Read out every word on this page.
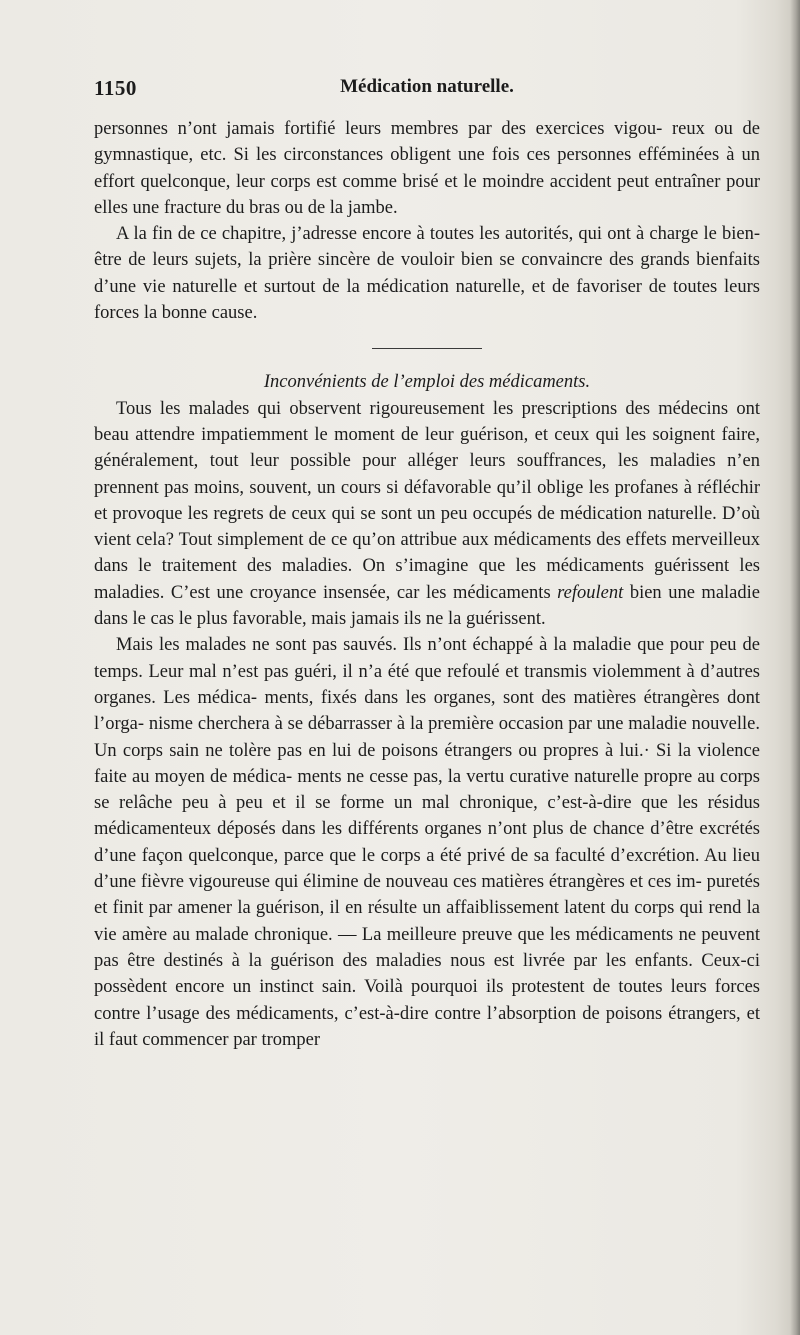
1150	Médication naturelle.

personnes n’ont jamais fortifié leurs membres par des exercices vigou- reux ou de gymnastique, etc. Si les circonstances obligent une fois ces personnes efféminées à un effort quelconque, leur corps est comme brisé et le moindre accident peut entraîner pour elles une fracture du bras ou de la jambe.

A la fin de ce chapitre, j’adresse encore à toutes les autorités, qui ont à charge le bien-être de leurs sujets, la prière sincère de vouloir bien se convaincre des grands bienfaits d’une vie naturelle et surtout de la médication naturelle, et de favoriser de toutes leurs forces la bonne cause.

Inconvénients de l’emploi des médicaments.

Tous les malades qui observent rigoureusement les prescriptions des médecins ont beau attendre impatiemment le moment de leur guérison, et ceux qui les soignent faire, généralement, tout leur possible pour alléger leurs souffrances, les maladies n’en prennent pas moins, souvent, un cours si défavorable qu’il oblige les profanes à réfléchir et provoque les regrets de ceux qui se sont un peu occupés de médication naturelle. D’où vient cela? Tout simplement de ce qu’on attribue aux médicaments des effets merveilleux dans le traitement des maladies. On s’imagine que les médicaments guérissent les maladies. C’est une croyance insensée, car les médicaments refoulent bien une maladie dans le cas le plus favorable, mais jamais ils ne la guérissent.

Mais les malades ne sont pas sauvés. Ils n’ont échappé à la maladie que pour peu de temps. Leur mal n’est pas guéri, il n’a été que refoulé et transmis violemment à d’autres organes. Les médica- ments, fixés dans les organes, sont des matières étrangères dont l’orga- nisme cherchera à se débarrasser à la première occasion par une maladie nouvelle. Un corps sain ne tolère pas en lui de poisons étrangers ou propres à lui.· Si la violence faite au moyen de médica- ments ne cesse pas, la vertu curative naturelle propre au corps se relâche peu à peu et il se forme un mal chronique, c’est-à-dire que les résidus médicamenteux déposés dans les différents organes n’ont plus de chance d’être excrétés d’une façon quelconque, parce que le corps a été privé de sa faculté d’excrétion. Au lieu d’une fièvre vigoureuse qui élimine de nouveau ces matières étrangères et ces im- puretés et finit par amener la guérison, il en résulte un affaiblissement latent du corps qui rend la vie amère au malade chronique. — La meilleure preuve que les médicaments ne peuvent pas être destinés à la guérison des maladies nous est livrée par les enfants. Ceux-ci possèdent encore un instinct sain. Voilà pourquoi ils protestent de toutes leurs forces contre l’usage des médicaments, c’est-à-dire contre l’absorption de poisons étrangers, et il faut commencer par tromper
